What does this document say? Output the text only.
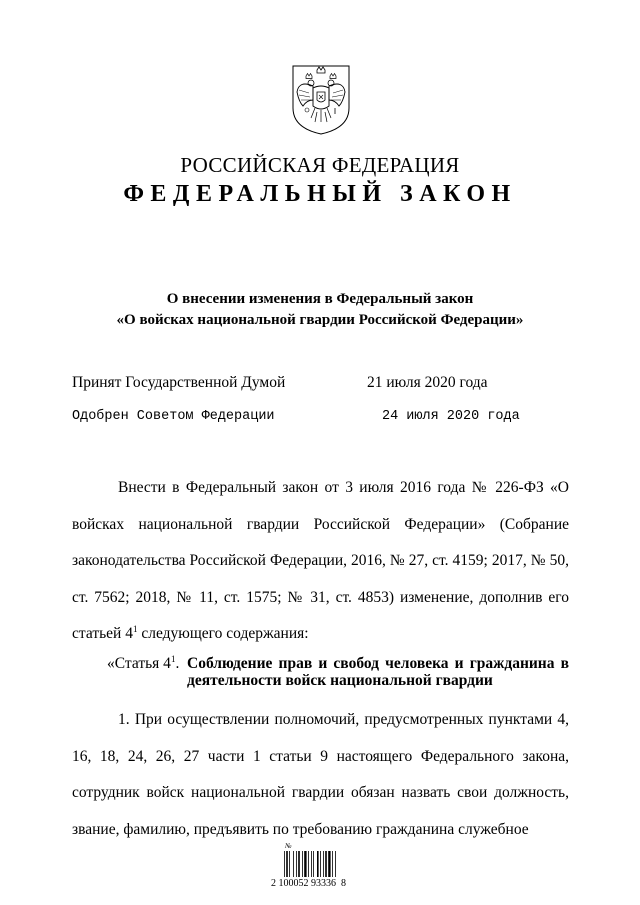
РОССИЙСКАЯ ФЕДЕРАЦИЯ
ФЕДЕРАЛЬНЫЙ ЗАКОН
О внесении изменения в Федеральный закон
«О войсках национальной гвардии Российской Федерации»
Принят Государственной Думой	21 июля 2020 года
Одобрен Советом Федерации	24 июля 2020 года

Внести в Федеральный закон от 3 июля 2016 года № 226-ФЗ «О войсках национальной гвардии Российской Федерации» (Собрание законодательства Российской Федерации, 2016, № 27, ст. 4159; 2017, № 50, ст. 7562; 2018, № 11, ст. 1575; № 31, ст. 4853) изменение, дополнив его статьей $4^1$ следующего содержания:

«Статья $4^1$. Соблюдение прав и свобод человека и гражданина в деятельности войск национальной гвардии

1. При осуществлении полномочий, предусмотренных пунктами 4, 16, 18, 24, 26, 27 части 1 статьи 9 настоящего Федерального закона, сотрудник войск национальной гвардии обязан назвать свои должность, звание, фамилию, предъявить по требованию гражданина служебное

№
2 100052 93336  8
